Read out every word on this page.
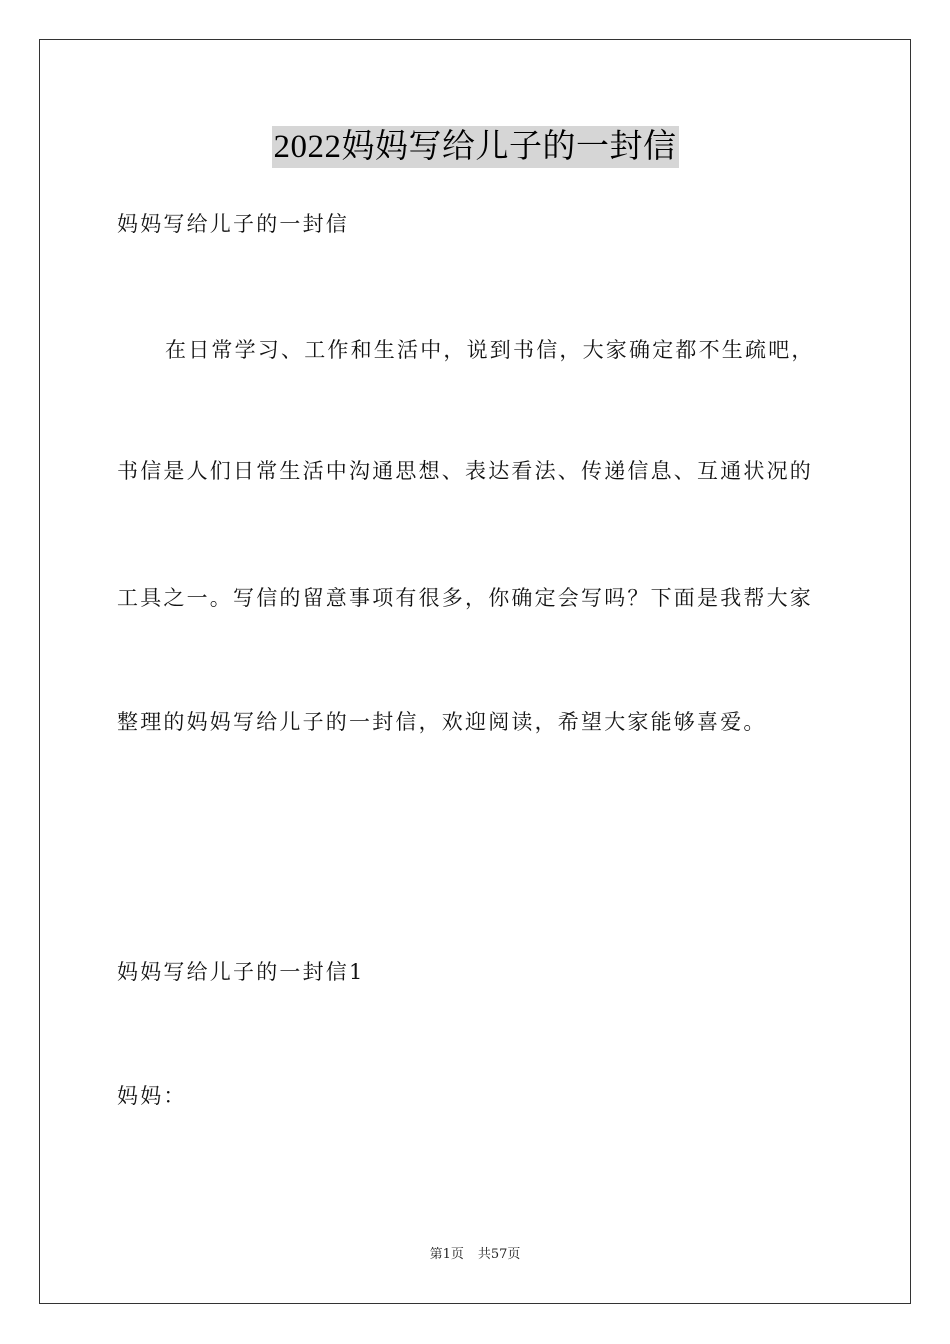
2022妈妈写给儿子的一封信
妈妈写给儿子的一封信
在日常学习、工作和生活中，说到书信，大家确定都不生疏吧，
书信是人们日常生活中沟通思想、表达看法、传递信息、互通状况的
工具之一。写信的留意事项有很多，你确定会写吗？下面是我帮大家
整理的妈妈写给儿子的一封信，欢迎阅读，希望大家能够喜爱。
妈妈写给儿子的一封信1
妈妈：
第1页 共57页
